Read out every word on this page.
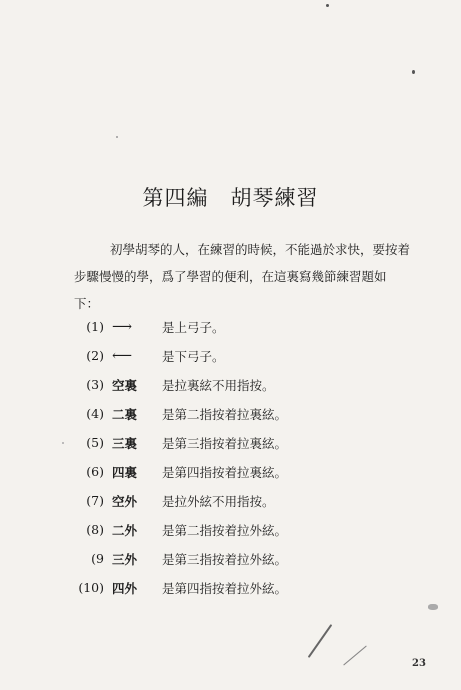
第四編 胡琴練習
初學胡琴的人，在練習的時候，不能過於求快，要按着
步驟慢慢的學，爲了學習的便利，在這裏寫幾節練習題如
下：
(1) ⟶	是上弓子。
(2) ⟵	是下弓子。
(3) 空裏	是拉裏絃不用指按。
(4) 二裏	是第二指按着拉裏絃。
(5) 三裏	是第三指按着拉裏絃。
(6) 四裏	是第四指按着拉裏絃。
(7) 空外	是拉外絃不用指按。
(8) 二外	是第二指按着拉外絃。
(9 三外	是第三指按着拉外絃。
(10) 四外	是第四指按着拉外絃。
23
